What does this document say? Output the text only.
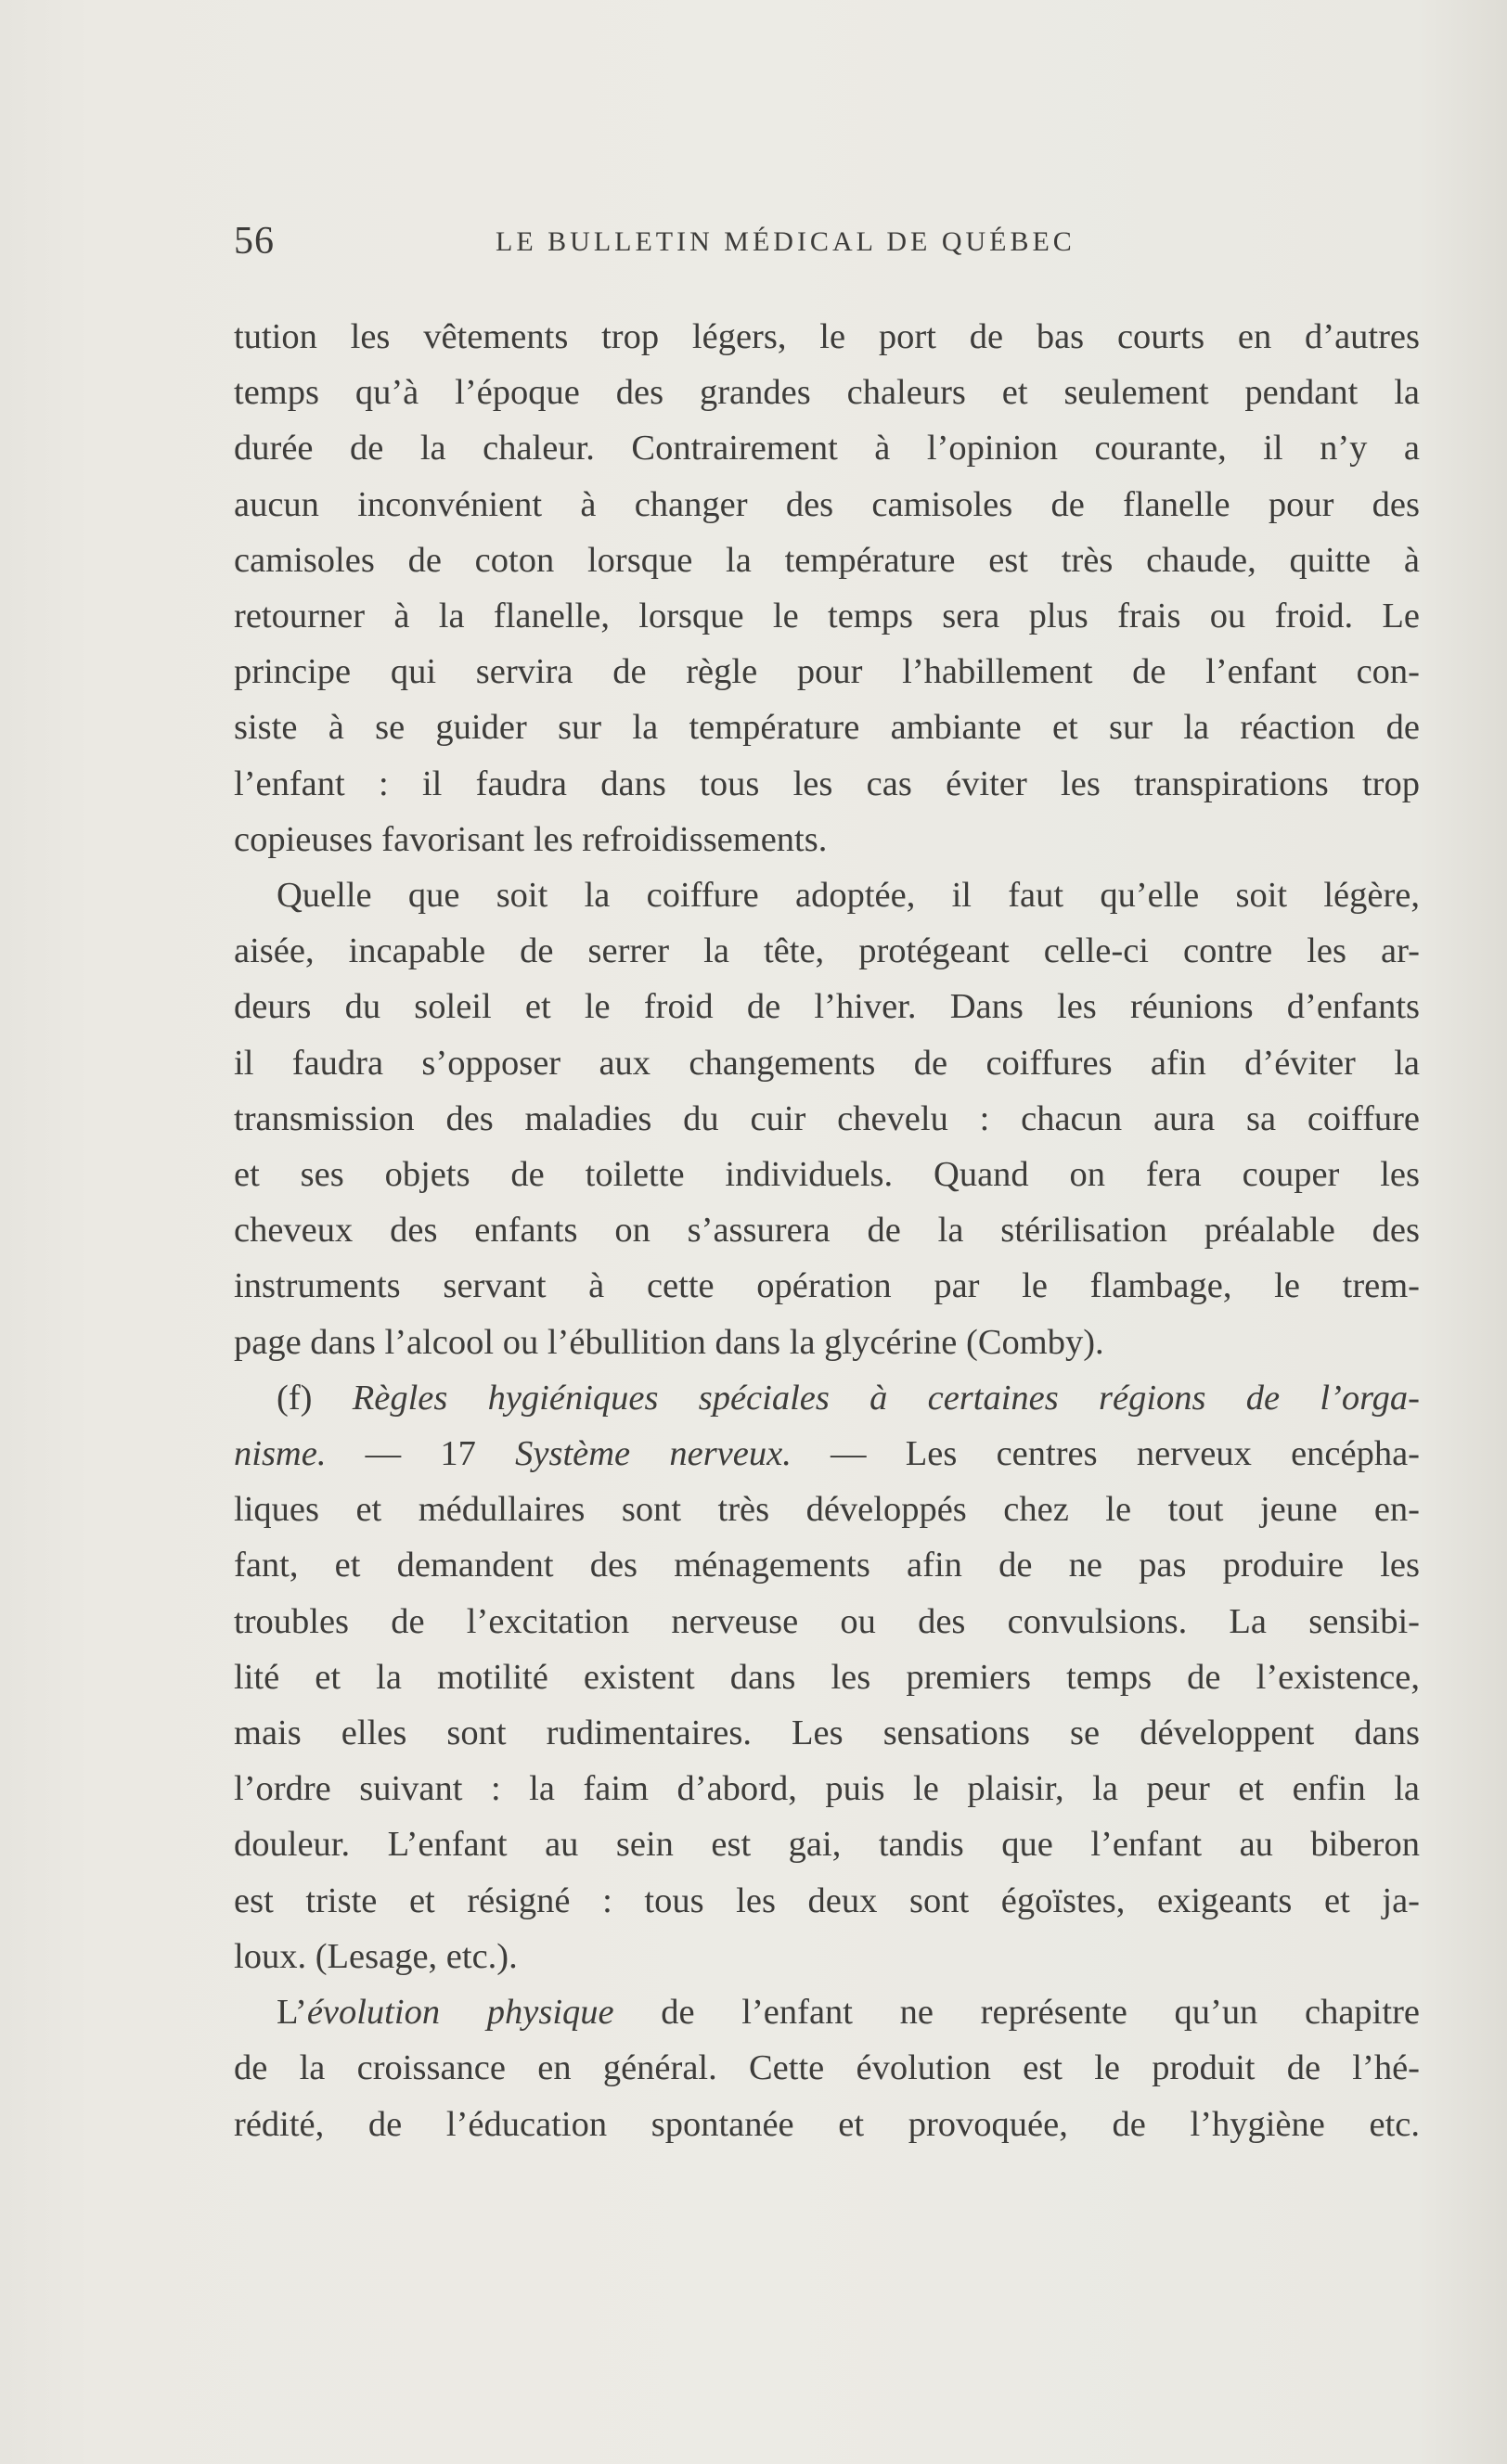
56	LE BULLETIN MÉDICAL DE QUÉBEC

tution les vêtements trop légers, le port de bas courts en d’autres
temps qu’à l’époque des grandes chaleurs et seulement pendant la
durée de la chaleur. Contrairement à l’opinion courante, il n’y a
aucun inconvénient à changer des camisoles de flanelle pour des
camisoles de coton lorsque la température est très chaude, quitte à
retourner à la flanelle, lorsque le temps sera plus frais ou froid. Le
principe qui servira de règle pour l’habillement de l’enfant con-
siste à se guider sur la température ambiante et sur la réaction de
l’enfant : il faudra dans tous les cas éviter les transpirations trop
copieuses favorisant les refroidissements.

Quelle que soit la coiffure adoptée, il faut qu’elle soit légère,
aisée, incapable de serrer la tête, protégeant celle-ci contre les ar-
deurs du soleil et le froid de l’hiver. Dans les réunions d’enfants
il faudra s’opposer aux changements de coiffures afin d’éviter la
transmission des maladies du cuir chevelu : chacun aura sa coiffure
et ses objets de toilette individuels. Quand on fera couper les
cheveux des enfants on s’assurera de la stérilisation préalable des
instruments servant à cette opération par le flambage, le trem-
page dans l’alcool ou l’ébullition dans la glycérine (Comby).

(f) Règles hygiéniques spéciales à certaines régions de l’orga-
nisme. — 17 Système nerveux. — Les centres nerveux encépha-
liques et médullaires sont très développés chez le tout jeune en-
fant, et demandent des ménagements afin de ne pas produire les
troubles de l’excitation nerveuse ou des convulsions. La sensibi-
lité et la motilité existent dans les premiers temps de l’existence,
mais elles sont rudimentaires. Les sensations se développent dans
l’ordre suivant : la faim d’abord, puis le plaisir, la peur et enfin la
douleur. L’enfant au sein est gai, tandis que l’enfant au biberon
est triste et résigné : tous les deux sont égoïstes, exigeants et ja-
loux. (Lesage, etc.).

L’évolution physique de l’enfant ne représente qu’un chapitre
de la croissance en général. Cette évolution est le produit de l’hé-
rédité, de l’éducation spontanée et provoquée, de l’hygiène etc.
